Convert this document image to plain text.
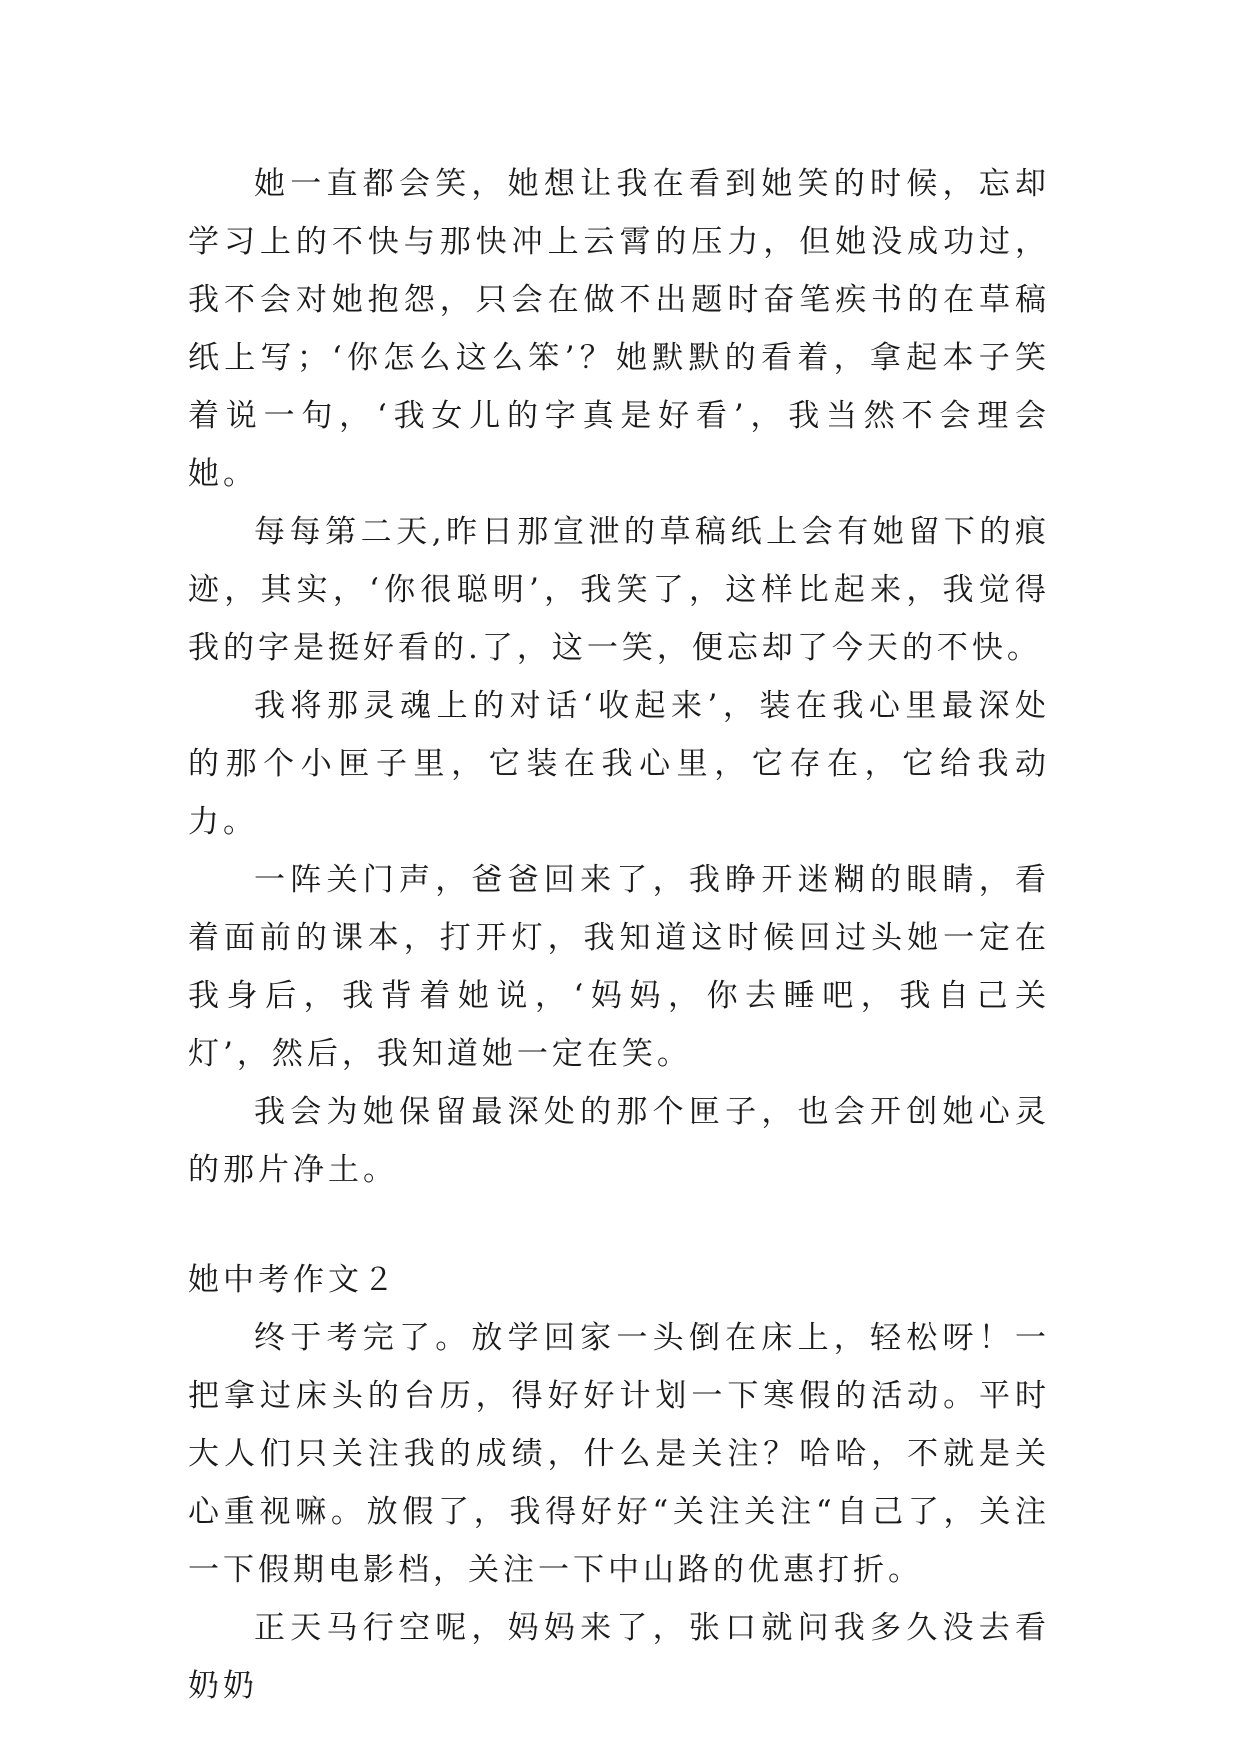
她一直都会笑，她想让我在看到她笑的时候，忘却学习上的不快与那快冲上云霄的压力，但她没成功过，我不会对她抱怨，只会在做不出题时奋笔疾书的在草稿纸上写；‘你怎么这么笨’？她默默的看着，拿起本子笑着说一句，‘我女儿的字真是好看’，我当然不会理会她。

每每第二天,昨日那宣泄的草稿纸上会有她留下的痕迹，其实，‘你很聪明’，我笑了，这样比起来，我觉得我的字是挺好看的.了，这一笑，便忘却了今天的不快。

我将那灵魂上的对话‘收起来’，装在我心里最深处的那个小匣子里，它装在我心里，它存在，它给我动力。

一阵关门声，爸爸回来了，我睁开迷糊的眼睛，看着面前的课本，打开灯，我知道这时候回过头她一定在我身后，我背着她说，‘妈妈，你去睡吧，我自己关灯’，然后，我知道她一定在笑。

我会为她保留最深处的那个匣子，也会开创她心灵的那片净土。

她中考作文２

终于考完了。放学回家一头倒在床上，轻松呀！一把拿过床头的台历，得好好计划一下寒假的活动。平时大人们只关注我的成绩，什么是关注？哈哈，不就是关心重视嘛。放假了，我得好好“关注关注“自己了，关注一下假期电影档，关注一下中山路的优惠打折。

正天马行空呢，妈妈来了，张口就问我多久没去看奶奶
